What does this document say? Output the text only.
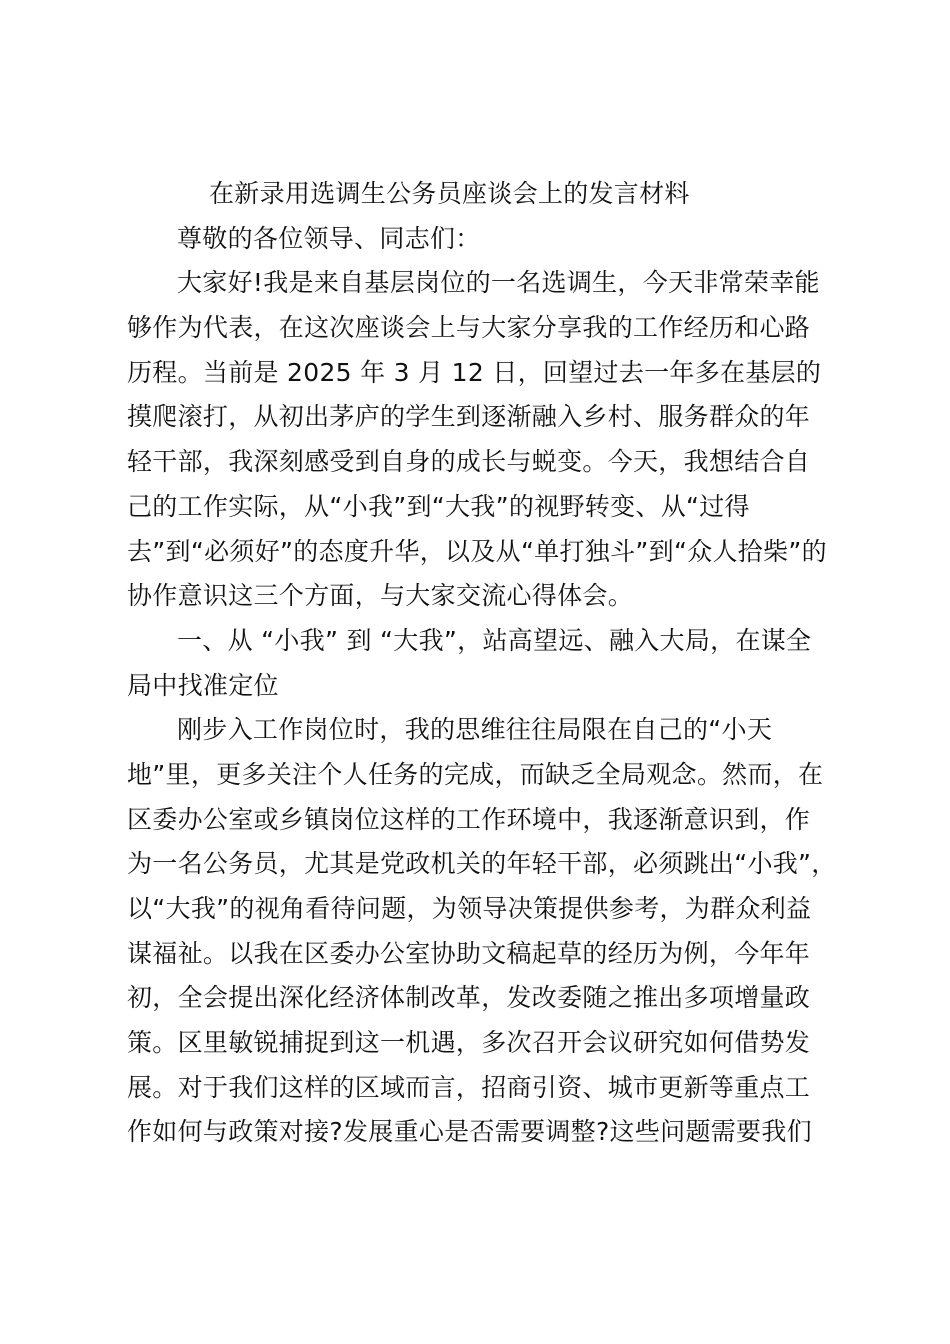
在新录用选调生公务员座谈会上的发言材料
尊敬的各位领导、同志们：
大家好!我是来自基层岗位的一名选调生，今天非常荣幸能
够作为代表，在这次座谈会上与大家分享我的工作经历和心路
历程。当前是 2025 年 3 月 12 日，回望过去一年多在基层的
摸爬滚打，从初出茅庐的学生到逐渐融入乡村、服务群众的年
轻干部，我深刻感受到自身的成长与蜕变。今天，我想结合自
己的工作实际，从“小我”到“大我”的视野转变、从“过得
去”到“必须好”的态度升华，以及从“单打独斗”到“众人拾柴”的
协作意识这三个方面，与大家交流心得体会。
一、从 “小我” 到 “大我”，站高望远、融入大局，在谋全
局中找准定位
刚步入工作岗位时，我的思维往往局限在自己的“小天
地”里，更多关注个人任务的完成，而缺乏全局观念。然而，在
区委办公室或乡镇岗位这样的工作环境中，我逐渐意识到，作
为一名公务员，尤其是党政机关的年轻干部，必须跳出“小我”，
以“大我”的视角看待问题，为领导决策提供参考，为群众利益
谋福祉。以我在区委办公室协助文稿起草的经历为例，今年年
初，全会提出深化经济体制改革，发改委随之推出多项增量政
策。区里敏锐捕捉到这一机遇，多次召开会议研究如何借势发
展。对于我们这样的区域而言，招商引资、城市更新等重点工
作如何与政策对接?发展重心是否需要调整?这些问题需要我们
